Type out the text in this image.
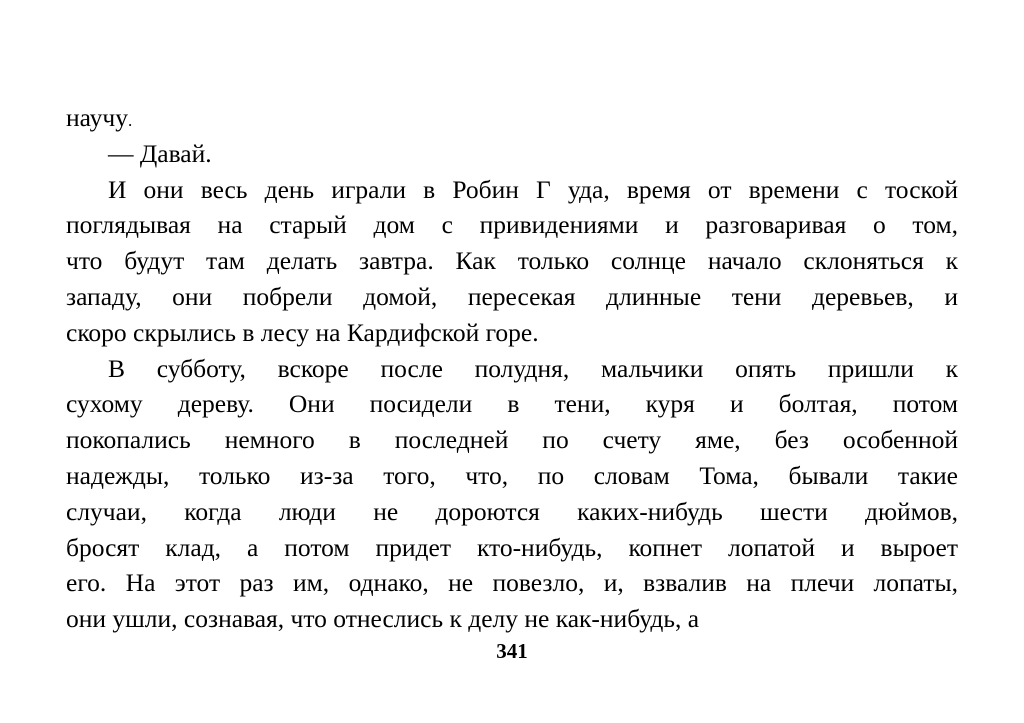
научу.
— Давай.
И они весь день играли в Робин Г уда, время от времени с тоской
поглядывая на старый дом с привидениями и разговаривая о том,
что будут там делать завтра. Как только солнце начало склоняться к
западу, они побрели домой, пересекая длинные тени деревьев, и
скоро скрылись в лесу на Кардифской горе.
В субботу, вскоре после полудня, мальчики опять пришли к
сухому дереву. Они посидели в тени, куря и болтая, потом
покопались немного в последней по счету яме, без особенной
надежды, только из-за того, что, по словам Тома, бывали такие
случаи, когда люди не дороются каких-нибудь шести дюймов,
бросят клад, а потом придет кто-нибудь, копнет лопатой и выроет
его. На этот раз им, однако, не повезло, и, взвалив на плечи лопаты,
они ушли, сознавая, что отнеслись к делу не как-нибудь, а
341
